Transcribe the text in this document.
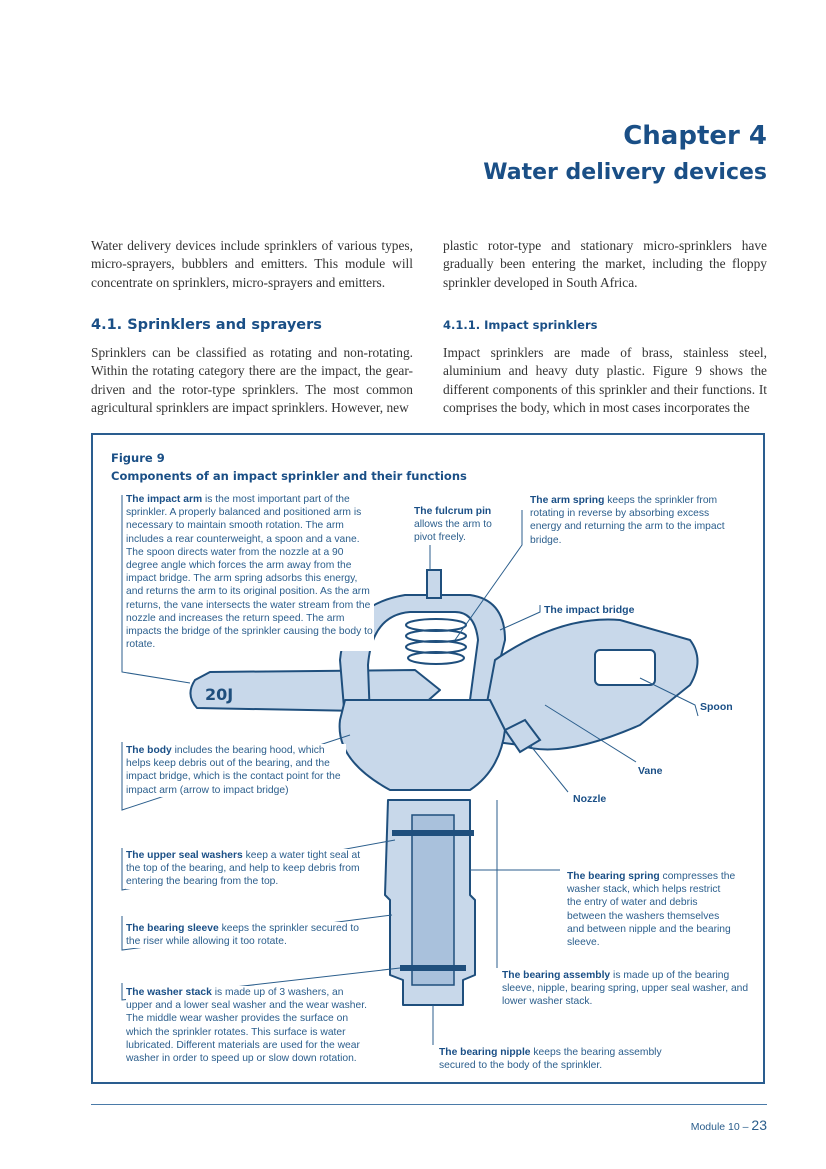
Chapter 4
Water delivery devices
Water delivery devices include sprinklers of various types, micro-sprayers, bubblers and emitters. This module will concentrate on sprinklers, micro-sprayers and emitters.
plastic rotor-type and stationary micro-sprinklers have gradually been entering the market, including the floppy sprinkler developed in South Africa.
4.1. Sprinklers and sprayers
Sprinklers can be classified as rotating and non-rotating. Within the rotating category there are the impact, the gear-driven and the rotor-type sprinklers. The most common agricultural sprinklers are impact sprinklers. However, new
4.1.1. Impact sprinklers
Impact sprinklers are made of brass, stainless steel, aluminium and heavy duty plastic. Figure 9 shows the different components of this sprinkler and their functions. It comprises the body, which in most cases incorporates the
20J
Figure 9
Components of an impact sprinkler and their functions
The impact arm is the most important part of the sprinkler. A properly balanced and positioned arm is necessary to maintain smooth rotation. The arm includes a rear counterweight, a spoon and a vane. The spoon directs water from the nozzle at a 90 degree angle which forces the arm away from the impact bridge. The arm spring adsorbs this energy, and returns the arm to its original position. As the arm returns, the vane intersects the water stream from the nozzle and increases the return speed. The arm impacts the bridge of the sprinkler causing the body to rotate.
The fulcrum pin allows the arm to pivot freely.
The arm spring keeps the sprinkler from rotating in reverse by absorbing excess energy and returning the arm to the impact bridge.
The impact bridge
Spoon
Vane
Nozzle
The body includes the bearing hood, which helps keep debris out of the bearing, and the impact bridge, which is the contact point for the impact arm (arrow to impact bridge)
The upper seal washers keep a water tight seal at the top of the bearing, and help to keep debris from entering the bearing from the top.
The bearing sleeve keeps the sprinkler secured to the riser while allowing it too rotate.
The washer stack is made up of 3 washers, an upper and a lower seal washer and the wear washer. The middle wear washer provides the surface on which the sprinkler rotates. This surface is water lubricated. Different materials are used for the wear washer in order to speed up or slow down rotation.
The bearing spring compresses the washer stack, which helps restrict the entry of water and debris between the washers themselves and between nipple and the bearing sleeve.
The bearing assembly is made up of the bearing sleeve, nipple, bearing spring, upper seal washer, and lower washer stack.
The bearing nipple keeps the bearing assembly secured to the body of the sprinkler.
Module 10 – 23
